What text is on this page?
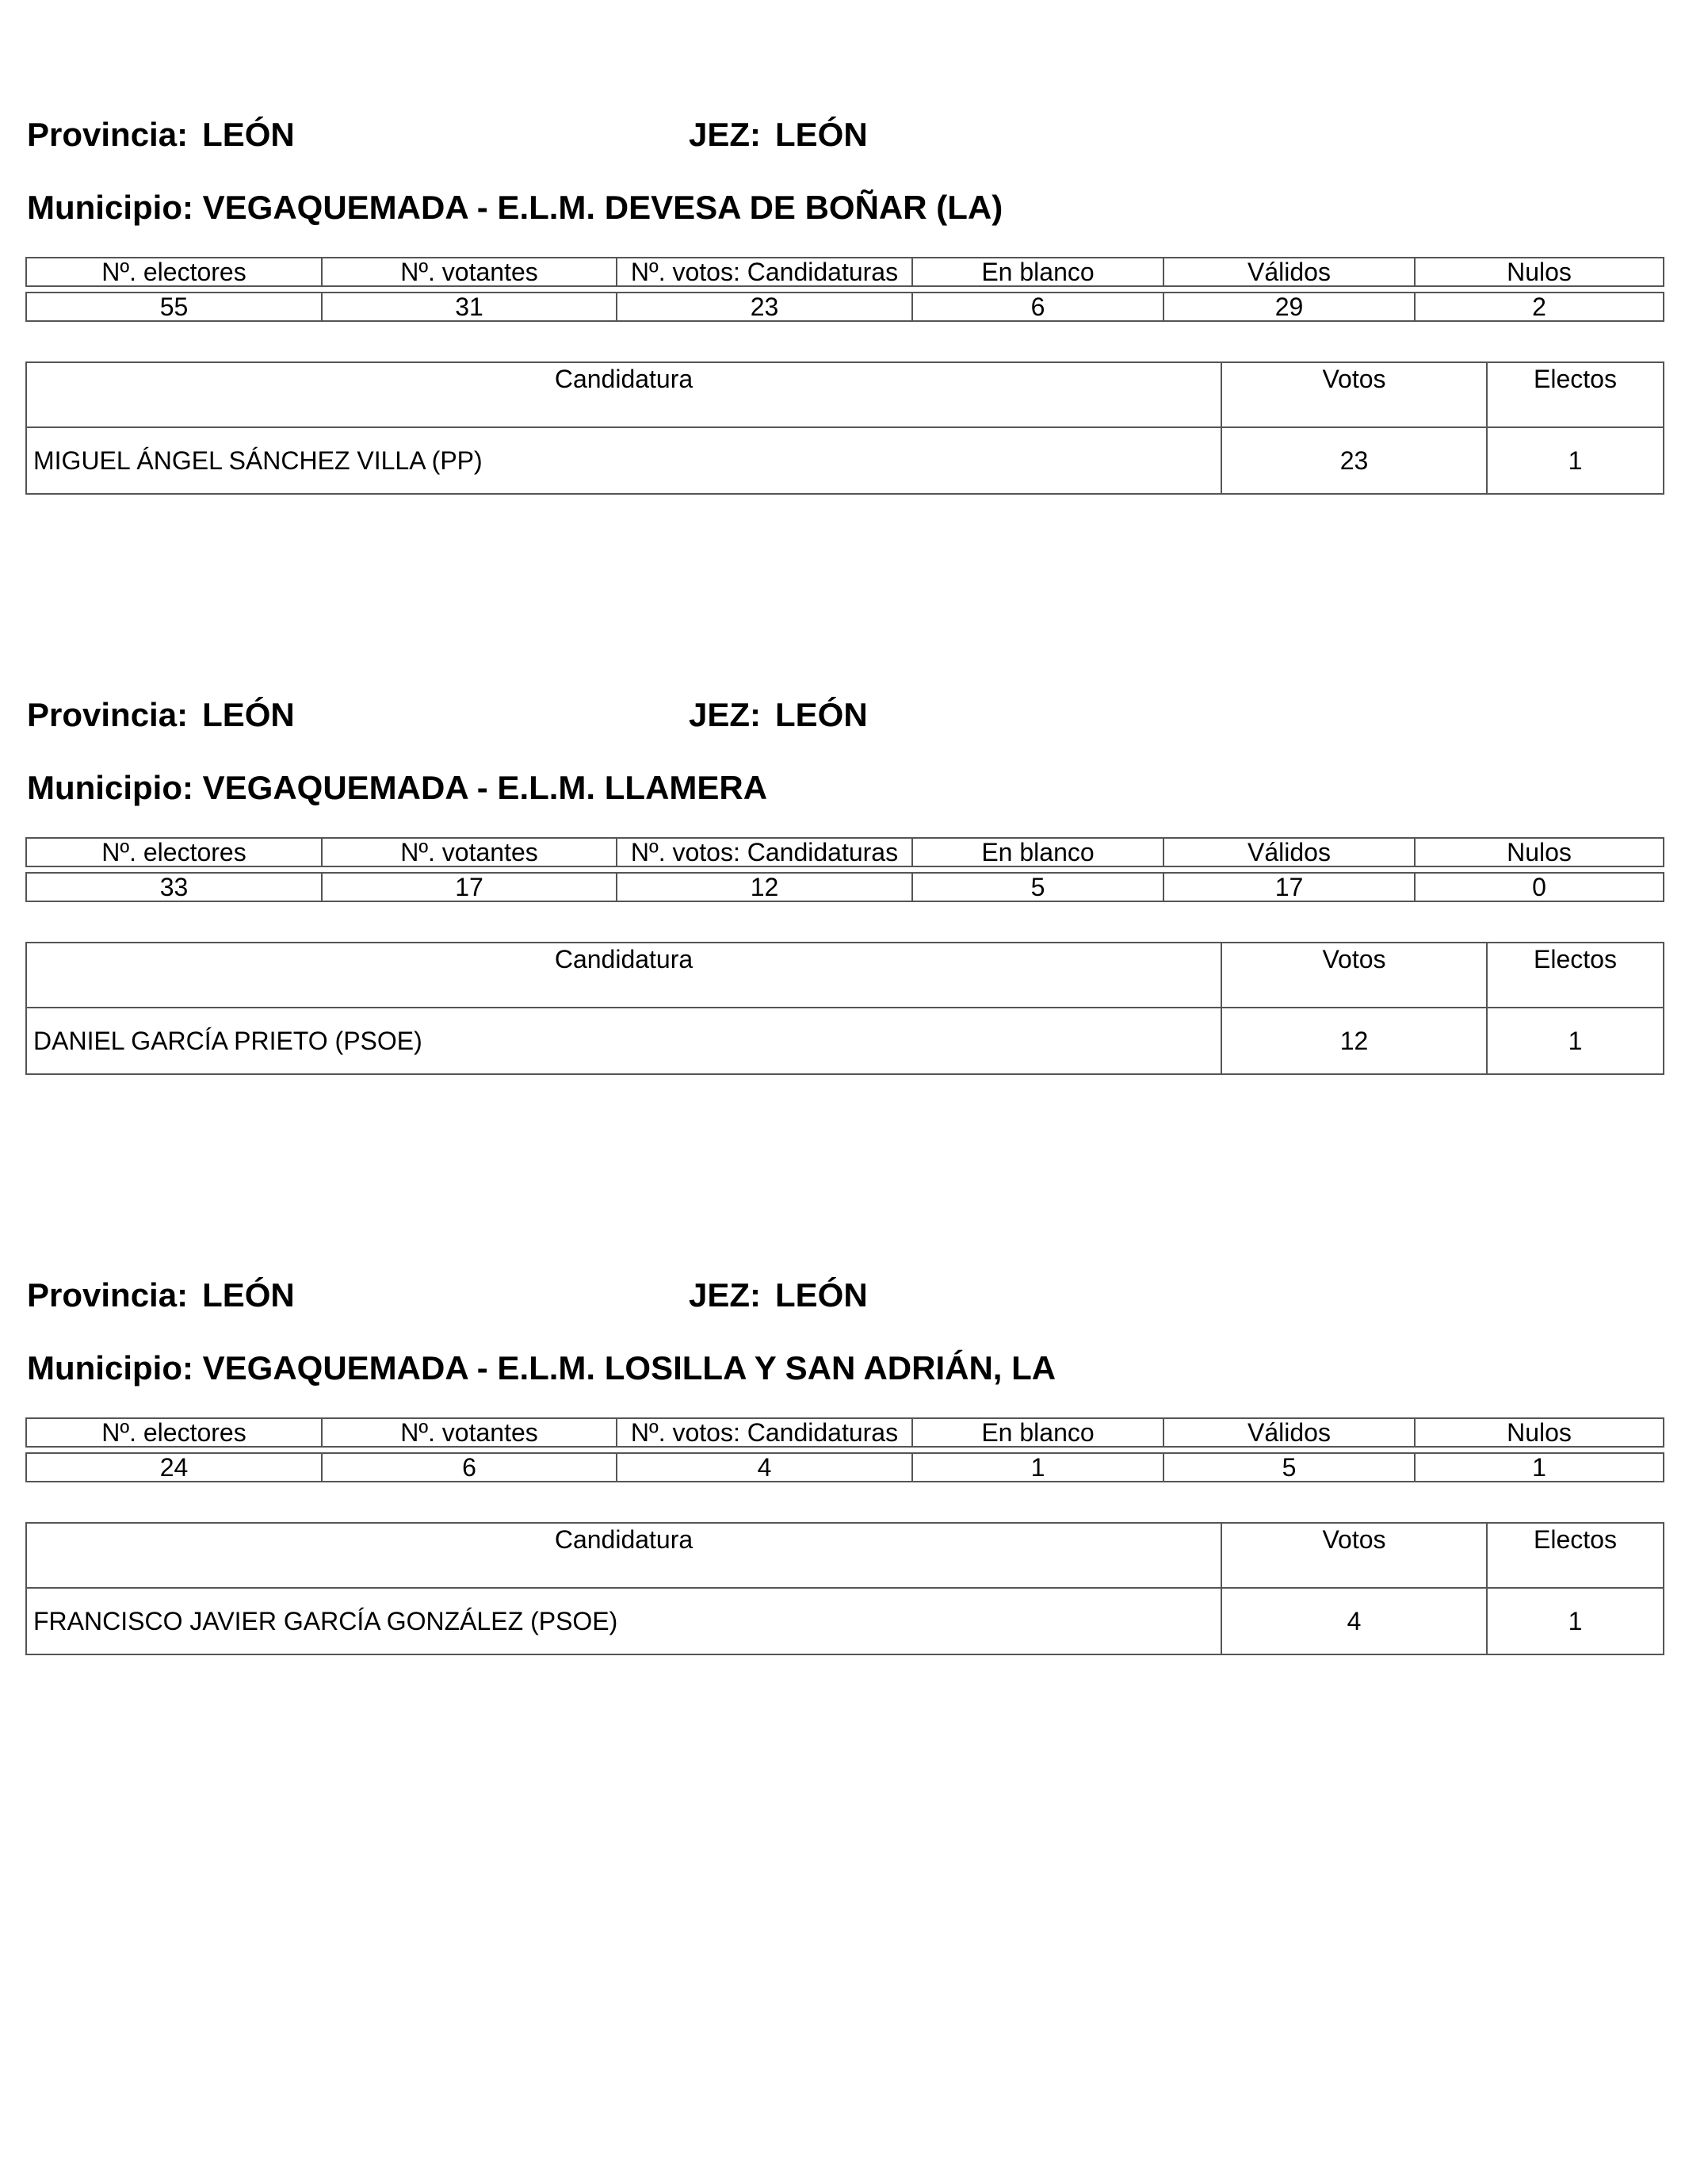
Provincia: LEÓN	JEZ: LEÓN
Municipio: VEGAQUEMADA - E.L.M. DEVESA DE BOÑAR (LA)
Nº. electores	Nº. votantes	Nº. votos: Candidaturas	En blanco	Válidos	Nulos

55	31	23	6	29	2
Candidatura	Votos	Electos
MIGUEL ÁNGEL SÁNCHEZ VILLA (PP)	23	1
Provincia: LEÓN	JEZ: LEÓN
Municipio: VEGAQUEMADA - E.L.M. LLAMERA
Nº. electores	Nº. votantes	Nº. votos: Candidaturas	En blanco	Válidos	Nulos

33	17	12	5	17	0
Candidatura	Votos	Electos
DANIEL GARCÍA PRIETO (PSOE)	12	1
Provincia: LEÓN	JEZ: LEÓN
Municipio: VEGAQUEMADA - E.L.M. LOSILLA Y SAN ADRIÁN, LA
Nº. electores	Nº. votantes	Nº. votos: Candidaturas	En blanco	Válidos	Nulos

24	6	4	1	5	1
Candidatura	Votos	Electos
FRANCISCO JAVIER GARCÍA GONZÁLEZ (PSOE)	4	1
